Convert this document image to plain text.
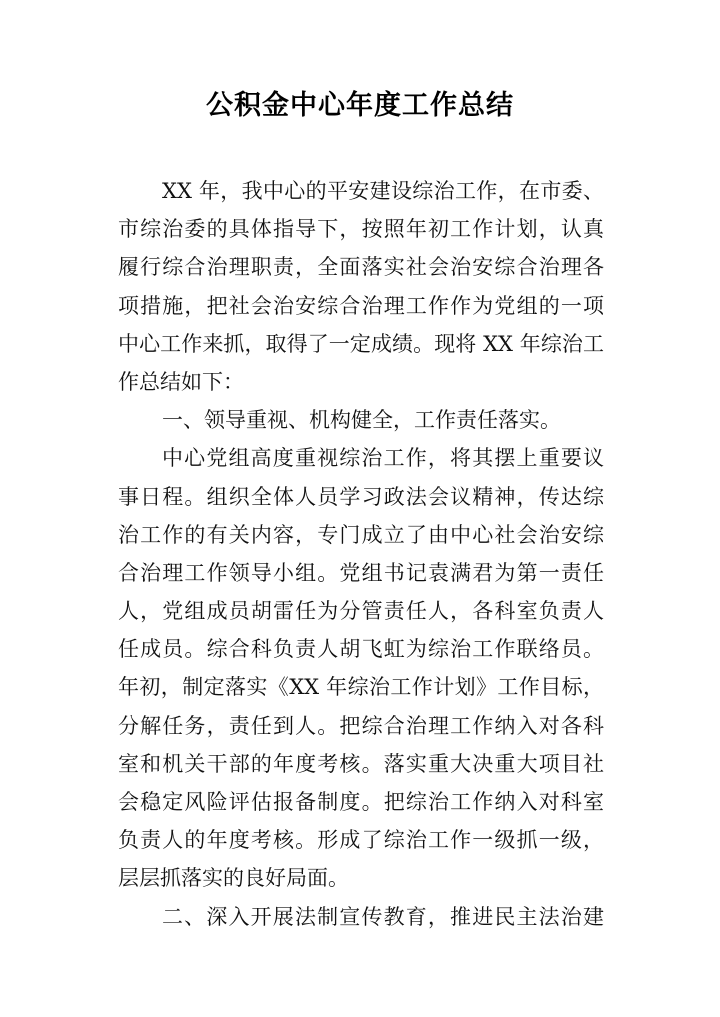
公积金中心年度工作总结
XX 年，我中心的平安建设综治工作，在市委、
市综治委的具体指导下，按照年初工作计划，认真
履行综合治理职责，全面落实社会治安综合治理各
项措施，把社会治安综合治理工作作为党组的一项
中心工作来抓，取得了一定成绩。现将 XX 年综治工
作总结如下：
一、领导重视、机构健全，工作责任落实。
中心党组高度重视综治工作，将其摆上重要议
事日程。组织全体人员学习政法会议精神，传达综
治工作的有关内容，专门成立了由中心社会治安综
合治理工作领导小组。党组书记袁满君为第一责任
人，党组成员胡雷任为分管责任人，各科室负责人
任成员。综合科负责人胡飞虹为综治工作联络员。
年初，制定落实《XX 年综治工作计划》工作目标，
分解任务，责任到人。把综合治理工作纳入对各科
室和机关干部的年度考核。落实重大决重大项目社
会稳定风险评估报备制度。把综治工作纳入对科室
负责人的年度考核。形成了综治工作一级抓一级，
层层抓落实的良好局面。
二、深入开展法制宣传教育，推进民主法治建
